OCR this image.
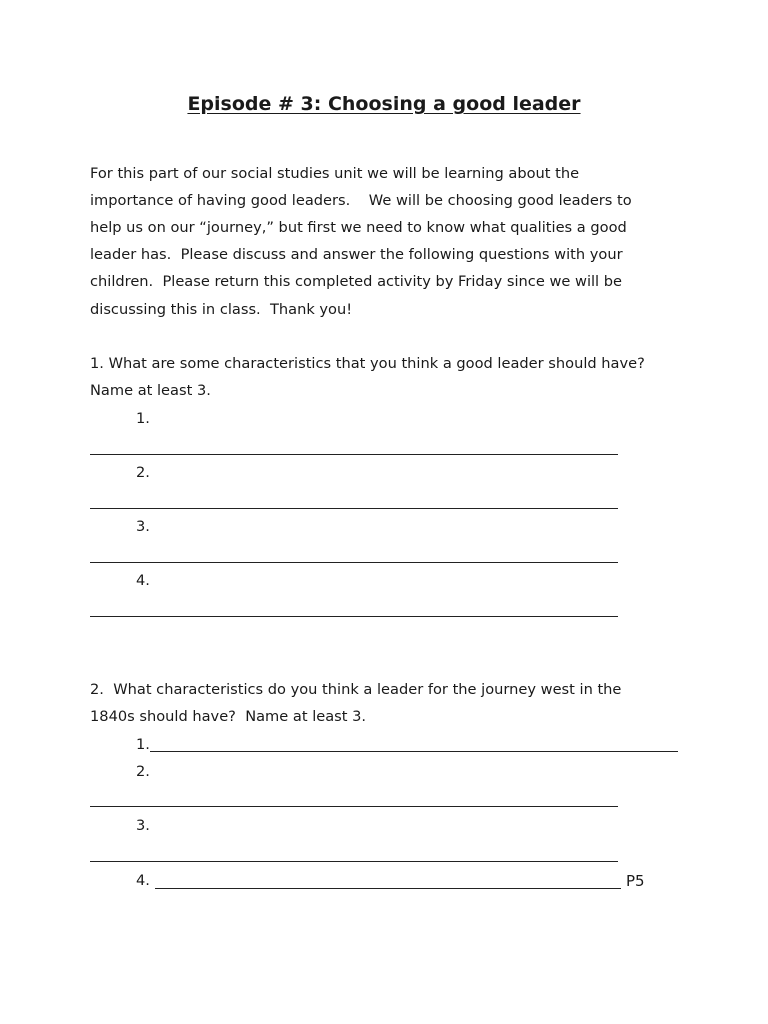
Episode # 3: Choosing a good leader
For this part of our social studies unit we will be learning about the
importance of having good leaders.    We will be choosing good leaders to
help us on our “journey,” but first we need to know what qualities a good
leader has.  Please discuss and answer the following questions with your
children.  Please return this completed activity by Friday since we will be
discussing this in class.  Thank you!
1. What are some characteristics that you think a good leader should have?
Name at least 3.
1.
2.
3.
4.
2.  What characteristics do you think a leader for the journey west in the
1840s should have?  Name at least 3.
1.
2.
3.
4.	P5
